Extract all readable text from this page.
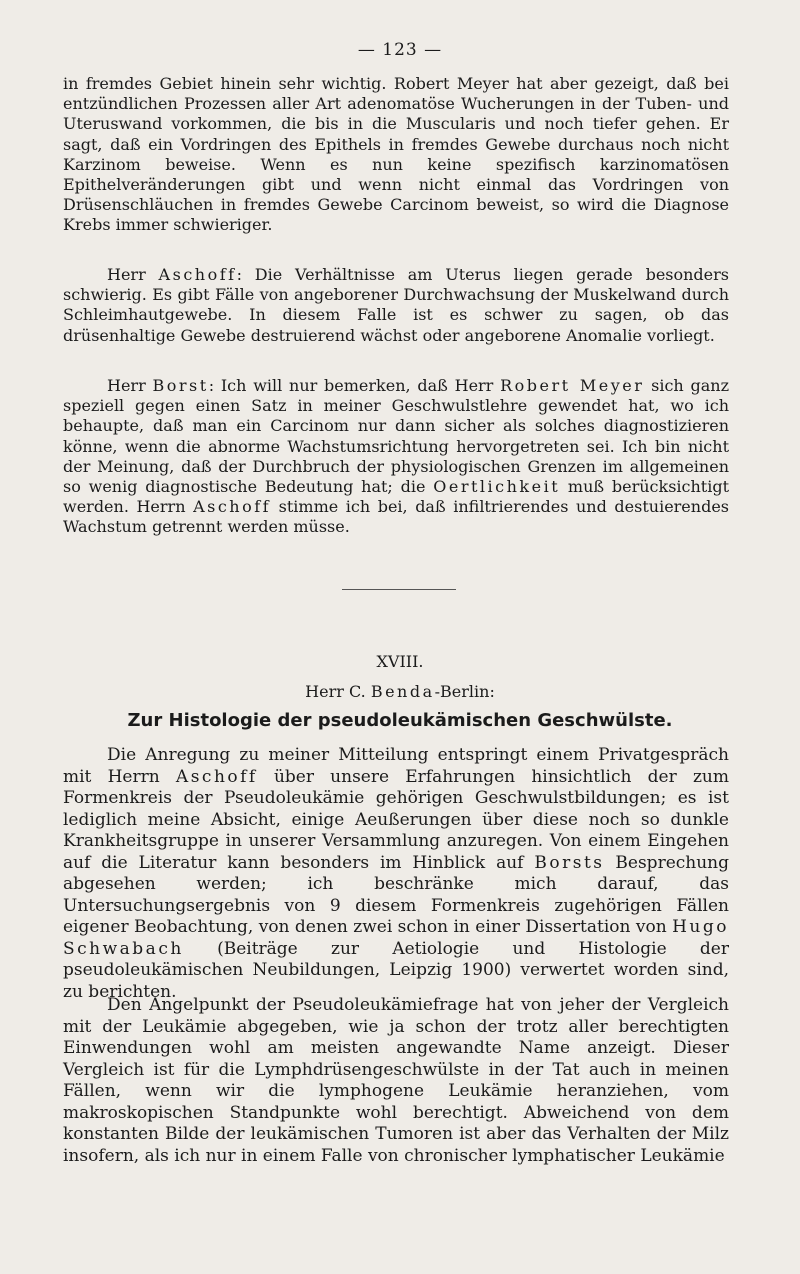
— 123 —

in fremdes Gebiet hinein sehr wichtig. Robert Meyer hat aber gezeigt, daß bei entzündlichen Prozessen aller Art adenomatöse Wucherungen in der Tuben- und Uteruswand vorkommen, die bis in die Muscularis und noch tiefer gehen. Er sagt, daß ein Vordringen des Epithels in fremdes Gewebe durchaus noch nicht Karzinom beweise. Wenn es nun keine spezifisch karzinomatösen Epithelveränderungen gibt und wenn nicht einmal das Vordringen von Drüsenschläuchen in fremdes Gewebe Carcinom beweist, so wird die Diagnose Krebs immer schwieriger.

Herr Aschoff: Die Verhältnisse am Uterus liegen gerade besonders schwierig. Es gibt Fälle von angeborener Durchwachsung der Muskelwand durch Schleimhautgewebe. In diesem Falle ist es schwer zu sagen, ob das drüsenhaltige Gewebe destruierend wächst oder angeborene Anomalie vorliegt.

Herr Borst: Ich will nur bemerken, daß Herr Robert Meyer sich ganz speziell gegen einen Satz in meiner Geschwulstlehre gewendet hat, wo ich behaupte, daß man ein Carcinom nur dann sicher als solches diagnostizieren könne, wenn die abnorme Wachstumsrichtung hervorgetreten sei. Ich bin nicht der Meinung, daß der Durchbruch der physiologischen Grenzen im allgemeinen so wenig diagnostische Bedeutung hat; die Oertlichkeit muß berücksichtigt werden. Herrn Aschoff stimme ich bei, daß infiltrierendes und destuierendes Wachstum getrennt werden müsse.

XVIII.
Herr C. Benda-Berlin:
Zur Histologie der pseudoleukämischen Geschwülste.

Die Anregung zu meiner Mitteilung entspringt einem Privatgespräch mit Herrn Aschoff über unsere Erfahrungen hinsichtlich der zum Formenkreis der Pseudoleukämie gehörigen Geschwulstbildungen; es ist lediglich meine Absicht, einige Aeußerungen über diese noch so dunkle Krankheitsgruppe in unserer Versammlung anzuregen. Von einem Eingehen auf die Literatur kann besonders im Hinblick auf Borsts Besprechung abgesehen werden; ich beschränke mich darauf, das Untersuchungsergebnis von 9 diesem Formenkreis zugehörigen Fällen eigener Beobachtung, von denen zwei schon in einer Dissertation von Hugo Schwabach (Beiträge zur Aetiologie und Histologie der pseudoleukämischen Neubildungen, Leipzig 1900) verwertet worden sind, zu berichten.

Den Angelpunkt der Pseudoleukämiefrage hat von jeher der Vergleich mit der Leukämie abgegeben, wie ja schon der trotz aller berechtigten Einwendungen wohl am meisten angewandte Name anzeigt. Dieser Vergleich ist für die Lymphdrüsengeschwülste in der Tat auch in meinen Fällen, wenn wir die lymphogene Leukämie heranziehen, vom makroskopischen Standpunkte wohl berechtigt. Abweichend von dem konstanten Bilde der leukämischen Tumoren ist aber das Verhalten der Milz insofern, als ich nur in einem Falle von chronischer lymphatischer Leukämie
